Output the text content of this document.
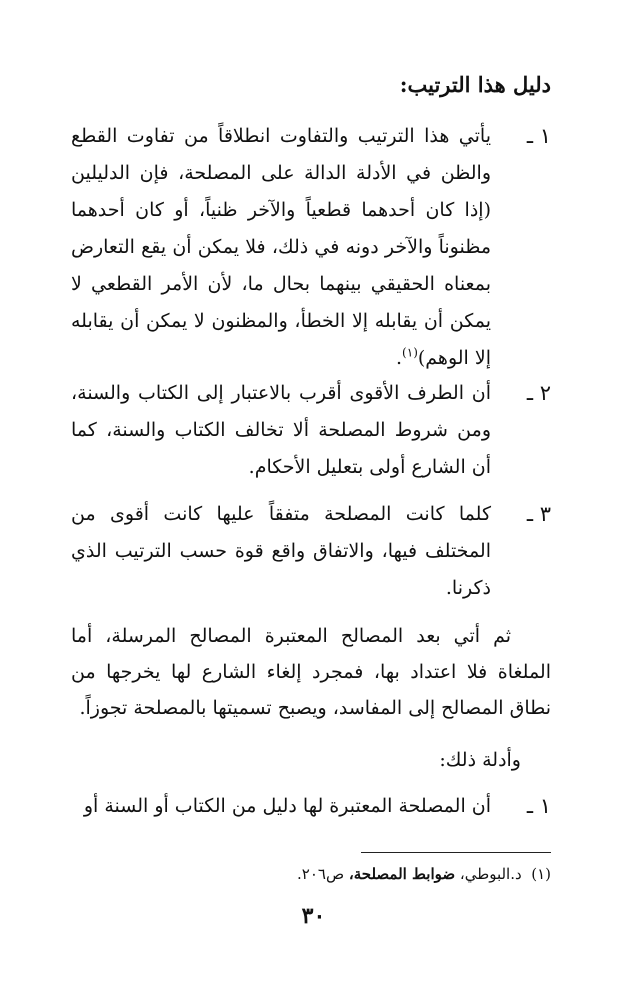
دليل هذا الترتيب:
١ ـ
يأتي هذا الترتيب والتفاوت انطلاقاً من تفاوت القطع والظن في الأدلة الدالة على المصلحة، فإن الدليلين (إذا كان أحدهما قطعياً والآخر ظنياً، أو كان أحدهما مظنوناً والآخر دونه في ذلك، فلا يمكن أن يقع التعارض بمعناه الحقيقي بينهما بحال ما، لأن الأمر القطعي لا يمكن أن يقابله إلا الخطأ، والمظنون لا يمكن أن يقابله إلا الوهم)$^{(١)}$.
٢ ـ
أن الطرف الأقوى أقرب بالاعتبار إلى الكتاب والسنة، ومن شروط المصلحة ألا تخالف الكتاب والسنة، كما أن الشارع أولى بتعليل الأحكام.
٣ ـ
كلما كانت المصلحة متفقاً عليها كانت أقوى من المختلف فيها، والاتفاق واقع قوة حسب الترتيب الذي ذكرنا.
ثم أتي بعد المصالح المعتبرة المصالح المرسلة، أما الملغاة فلا اعتداد بها، فمجرد إلغاء الشارع لها يخرجها من نطاق المصالح إلى المفاسد، ويصبح تسميتها بالمصلحة تجوزاً.
وأدلة ذلك:
١ ـ
أن المصلحة المعتبرة لها دليل من الكتاب أو السنة أو
(١)  د.البوطي، ضوابط المصلحة، ص٢٠٦.
٣٠
